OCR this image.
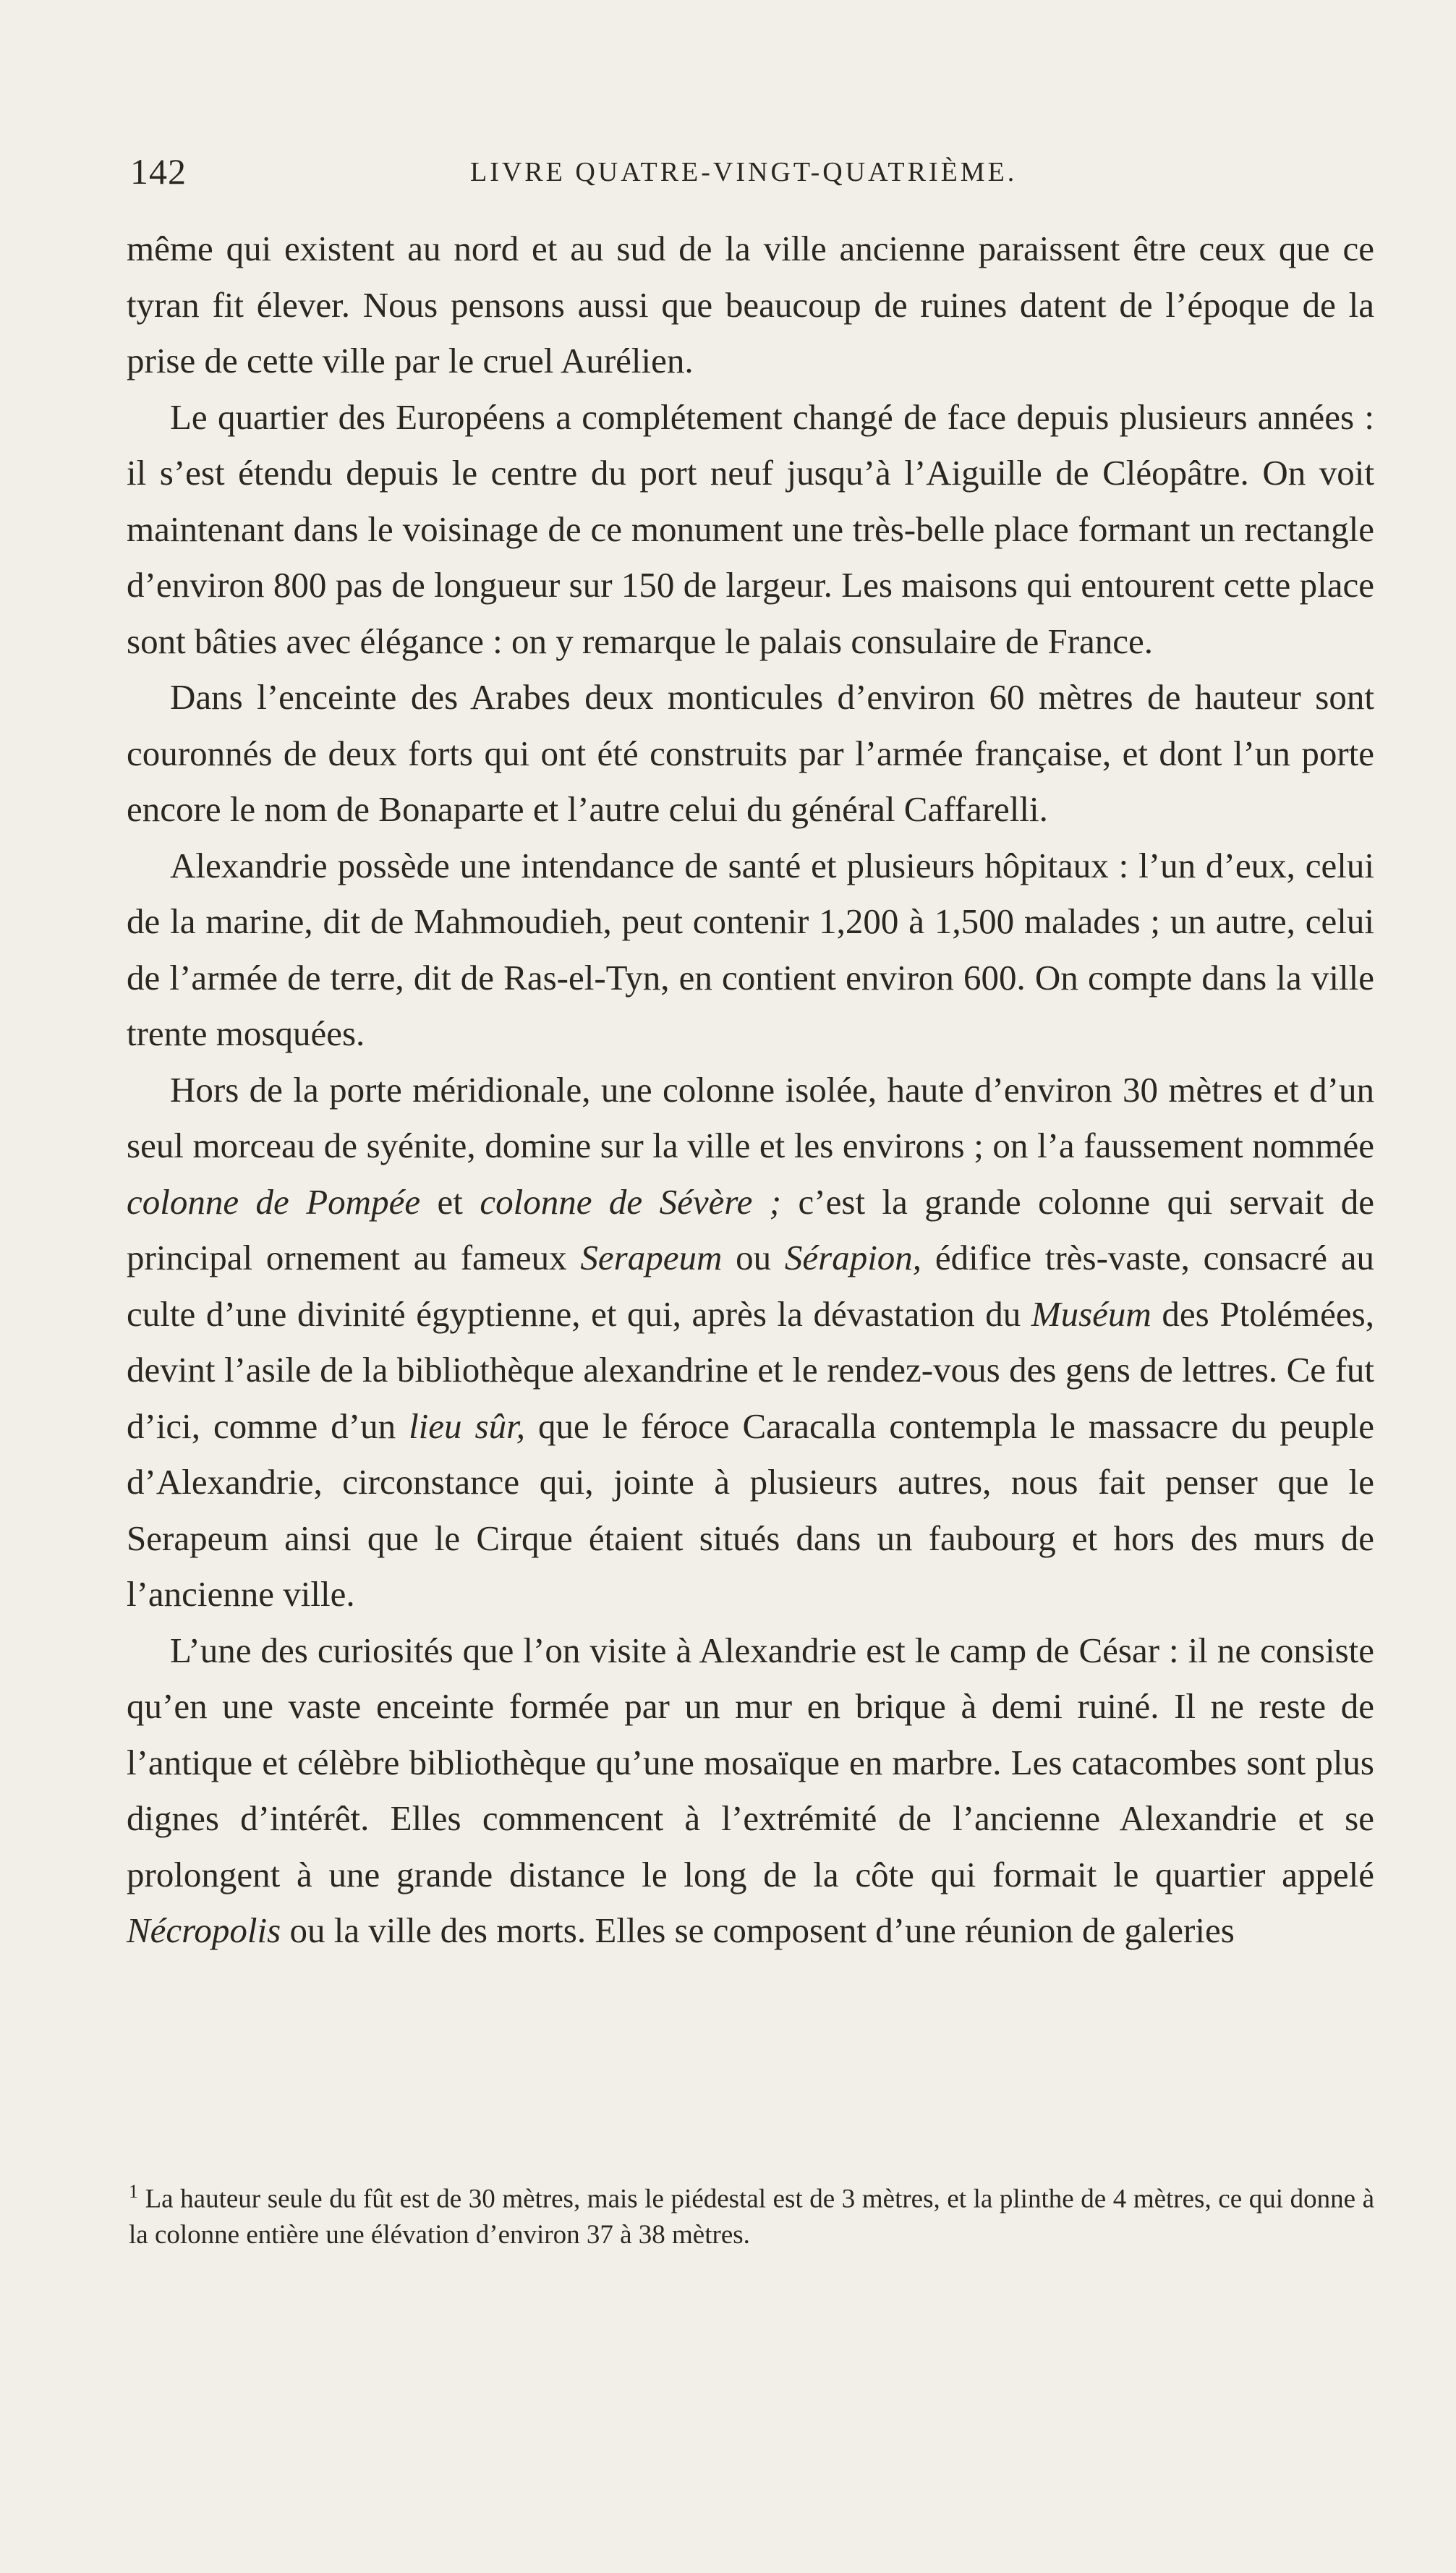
142	LIVRE QUATRE-VINGT-QUATRIÈME.

même qui existent au nord et au sud de la ville ancienne paraissent être ceux que ce tyran fit élever. Nous pensons aussi que beaucoup de ruines datent de l’époque de la prise de cette ville par le cruel Aurélien.

Le quartier des Européens a complétement changé de face depuis plusieurs années : il s’est étendu depuis le centre du port neuf jusqu’à l’Aiguille de Cléopâtre. On voit maintenant dans le voisinage de ce monument une très-belle place formant un rectangle d’environ 800 pas de longueur sur 150 de largeur. Les maisons qui entourent cette place sont bâties avec élégance : on y remarque le palais consulaire de France.

Dans l’enceinte des Arabes deux monticules d’environ 60 mètres de hauteur sont couronnés de deux forts qui ont été construits par l’armée française, et dont l’un porte encore le nom de Bonaparte et l’autre celui du général Caffarelli.

Alexandrie possède une intendance de santé et plusieurs hôpitaux : l’un d’eux, celui de la marine, dit de Mahmoudieh, peut contenir 1,200 à 1,500 malades ; un autre, celui de l’armée de terre, dit de Ras-el-Tyn, en contient environ 600. On compte dans la ville trente mosquées.

Hors de la porte méridionale, une colonne isolée, haute d’environ 30 mètres et d’un seul morceau de syénite, domine sur la ville et les environs ; on l’a faussement nommée colonne de Pompée et colonne de Sévère ; c’est la grande colonne qui servait de principal ornement au fameux Serapeum ou Sérapion, édifice très-vaste, consacré au culte d’une divinité égyptienne, et qui, après la dévastation du Muséum des Ptolémées, devint l’asile de la bibliothèque alexandrine et le rendez-vous des gens de lettres. Ce fut d’ici, comme d’un lieu sûr, que le féroce Caracalla contempla le massacre du peuple d’Alexandrie, circonstance qui, jointe à plusieurs autres, nous fait penser que le Serapeum ainsi que le Cirque étaient situés dans un faubourg et hors des murs de l’ancienne ville.

L’une des curiosités que l’on visite à Alexandrie est le camp de César : il ne consiste qu’en une vaste enceinte formée par un mur en brique à demi ruiné. Il ne reste de l’antique et célèbre bibliothèque qu’une mosaïque en marbre. Les catacombes sont plus dignes d’intérêt. Elles commencent à l’extrémité de l’ancienne Alexandrie et se prolongent à une grande distance le long de la côte qui formait le quartier appelé Nécropolis ou la ville des morts. Elles se composent d’une réunion de galeries

$^1$ La hauteur seule du fût est de 30 mètres, mais le piédestal est de 3 mètres, et la plinthe de 4 mètres, ce qui donne à la colonne entière une élévation d’environ 37 à 38 mètres.
